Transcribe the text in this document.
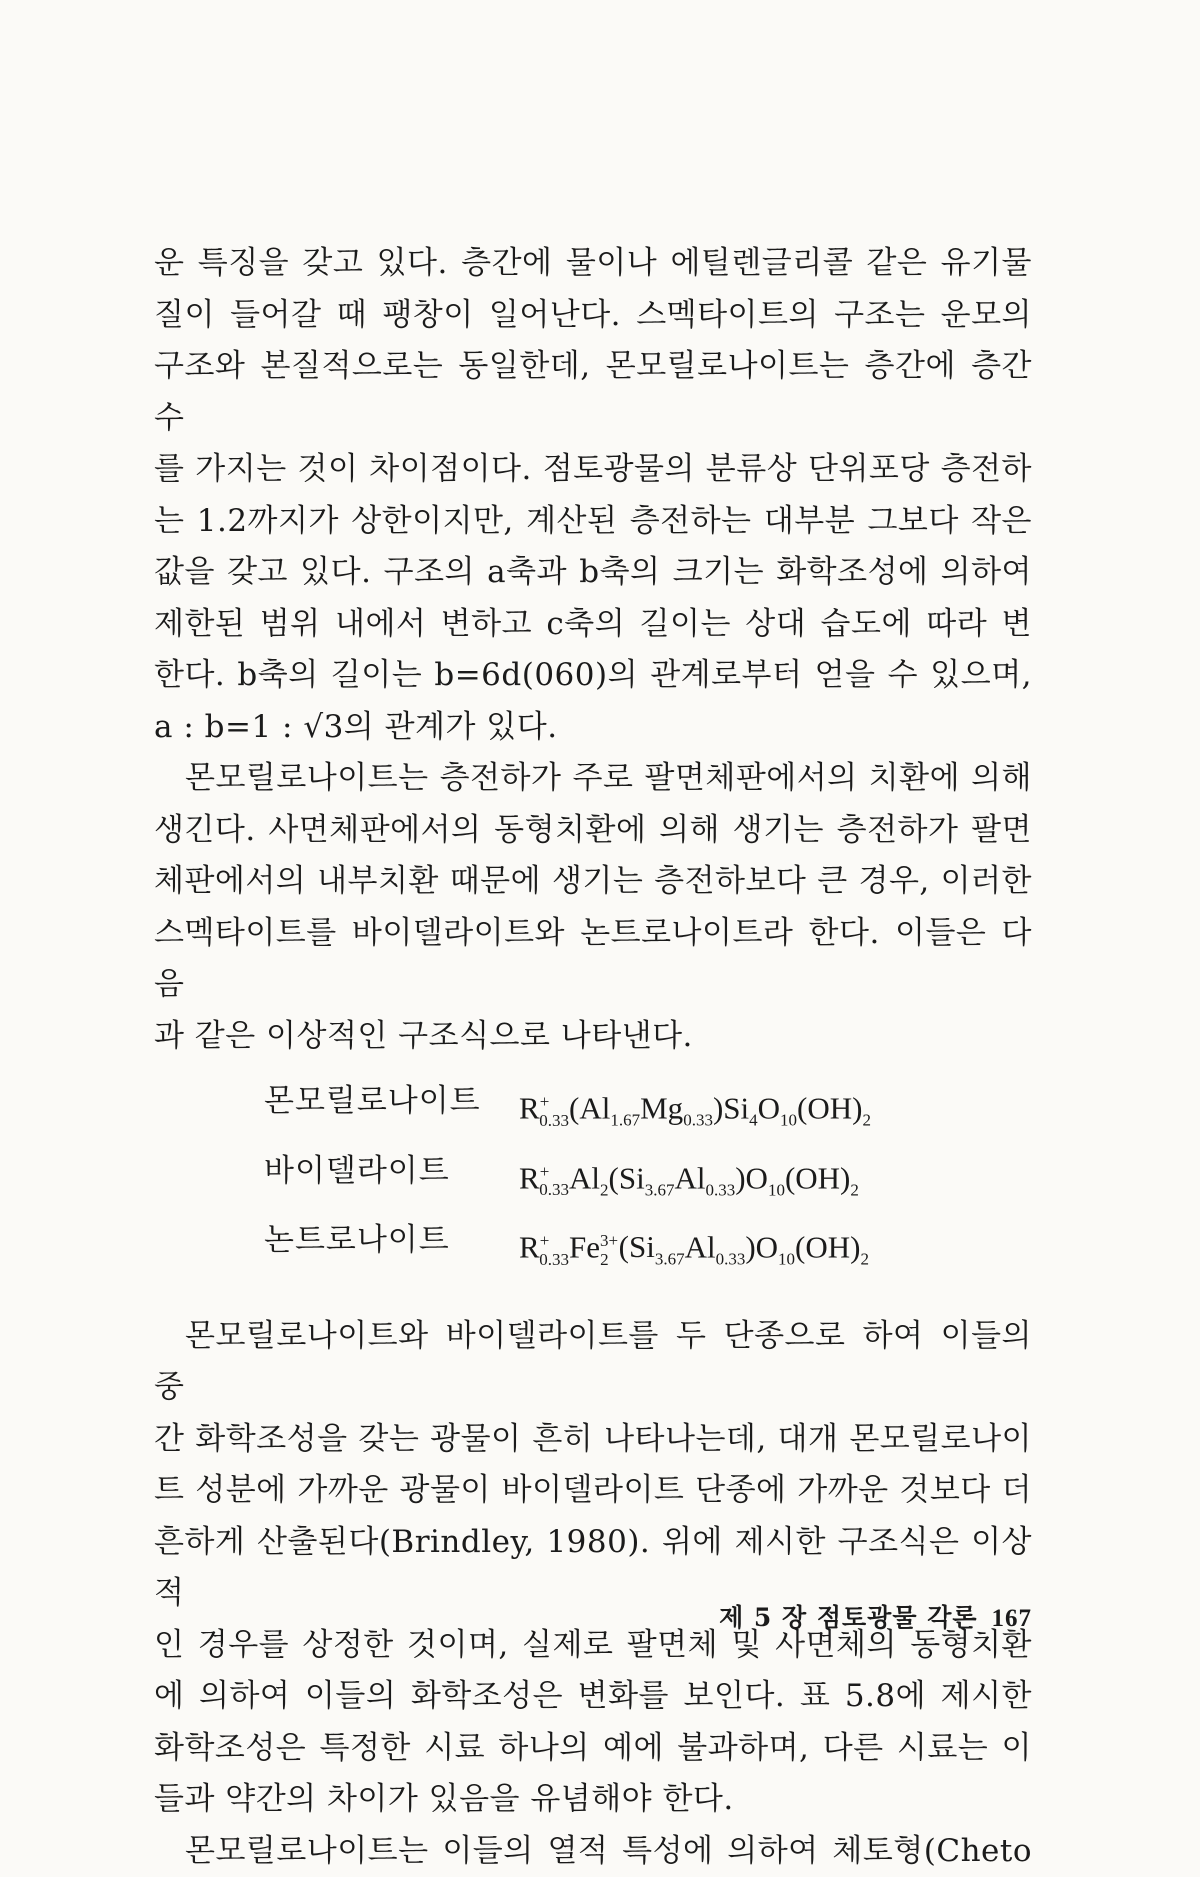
운 특징을 갖고 있다. 층간에 물이나 에틸렌글리콜 같은 유기물
질이 들어갈 때 팽창이 일어난다. 스멕타이트의 구조는 운모의
구조와 본질적으로는 동일한데, 몬모릴로나이트는 층간에 층간수
를 가지는 것이 차이점이다. 점토광물의 분류상 단위포당 층전하
는 1.2까지가 상한이지만, 계산된 층전하는 대부분 그보다 작은
값을 갖고 있다. 구조의 a축과 b축의 크기는 화학조성에 의하여
제한된 범위 내에서 변하고 c축의 길이는 상대 습도에 따라 변
한다. b축의 길이는 b=6d(060)의 관계로부터 얻을 수 있으며,
a : b=1 : √3의 관계가 있다.

몬모릴로나이트는 층전하가 주로 팔면체판에서의 치환에 의해
생긴다. 사면체판에서의 동형치환에 의해 생기는 층전하가 팔면
체판에서의 내부치환 때문에 생기는 층전하보다 큰 경우, 이러한
스멕타이트를 바이델라이트와 논트로나이트라 한다. 이들은 다음
과 같은 이상적인 구조식으로 나타낸다.

몬모릴로나이트	$R^+_{0.33}(Al_{1.67}Mg_{0.33})Si_4O_{10}(OH)_2$
바이델라이트	$R^+_{0.33}Al_2(Si_{3.67}Al_{0.33})O_{10}(OH)_2$
논트로나이트	$R^+_{0.33}Fe^{3+}_2$ $(Si_{3.67}Al_{0.33})O_{10}(OH)_2$

몬모릴로나이트와 바이델라이트를 두 단종으로 하여 이들의 중
간 화학조성을 갖는 광물이 흔히 나타나는데, 대개 몬모릴로나이
트 성분에 가까운 광물이 바이델라이트 단종에 가까운 것보다 더
흔하게 산출된다(Brindley, 1980). 위에 제시한 구조식은 이상적
인 경우를 상정한 것이며, 실제로 팔면체 및 사면체의 동형치환
에 의하여 이들의 화학조성은 변화를 보인다. 표 5.8에 제시한
화학조성은 특정한 시료 하나의 예에 불과하며, 다른 시료는 이
들과 약간의 차이가 있음을 유념해야 한다.

몬모릴로나이트는 이들의 열적 특성에 의하여 체토형(Cheto

제 5 장 점토광물 각론 167
